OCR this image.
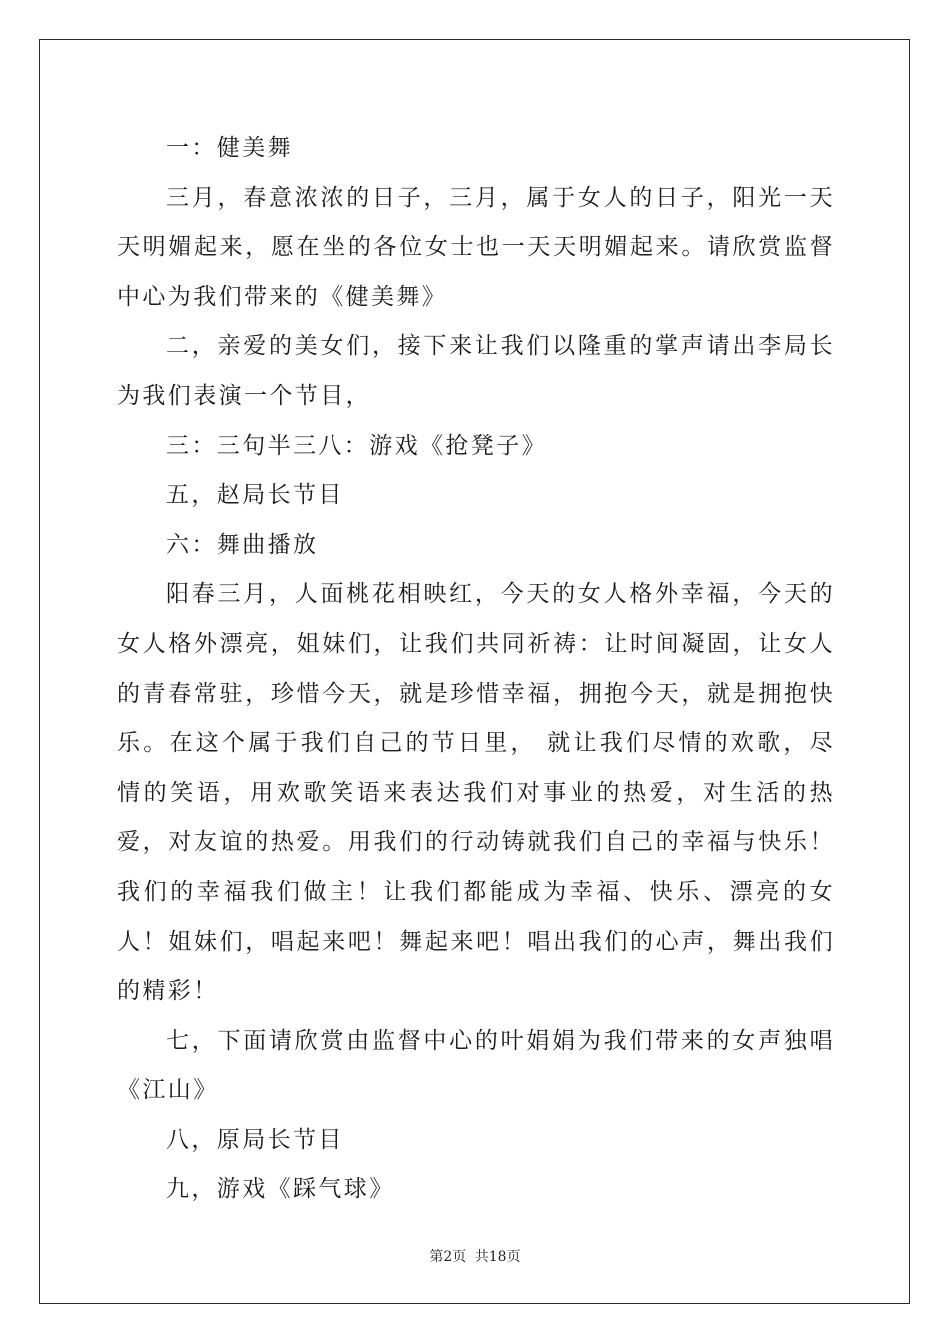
一：健美舞

三月，春意浓浓的日子，三月，属于女人的日子，阳光一天天明媚起来，愿在坐的各位女士也一天天明媚起来。请欣赏监督中心为我们带来的《健美舞》

二，亲爱的美女们，接下来让我们以隆重的掌声请出李局长为我们表演一个节目，

三：三句半三八：游戏《抢凳子》

五，赵局长节目

六：舞曲播放

阳春三月，人面桃花相映红，今天的女人格外幸福，今天的女人格外漂亮，姐妹们，让我们共同祈祷：让时间凝固，让女人的青春常驻，珍惜今天，就是珍惜幸福，拥抱今天，就是拥抱快乐。在这个属于我们自己的节日里， 就让我们尽情的欢歌，尽情的笑语，用欢歌笑语来表达我们对事业的热爱，对生活的热爱，对友谊的热爱。用我们的行动铸就我们自己的幸福与快乐！我们的幸福我们做主！让我们都能成为幸福、快乐、漂亮的女人！姐妹们，唱起来吧！舞起来吧！唱出我们的心声，舞出我们的精彩！

七，下面请欣赏由监督中心的叶娟娟为我们带来的女声独唱《江山》

八，原局长节目

九，游戏《踩气球》

第2页 共18页
